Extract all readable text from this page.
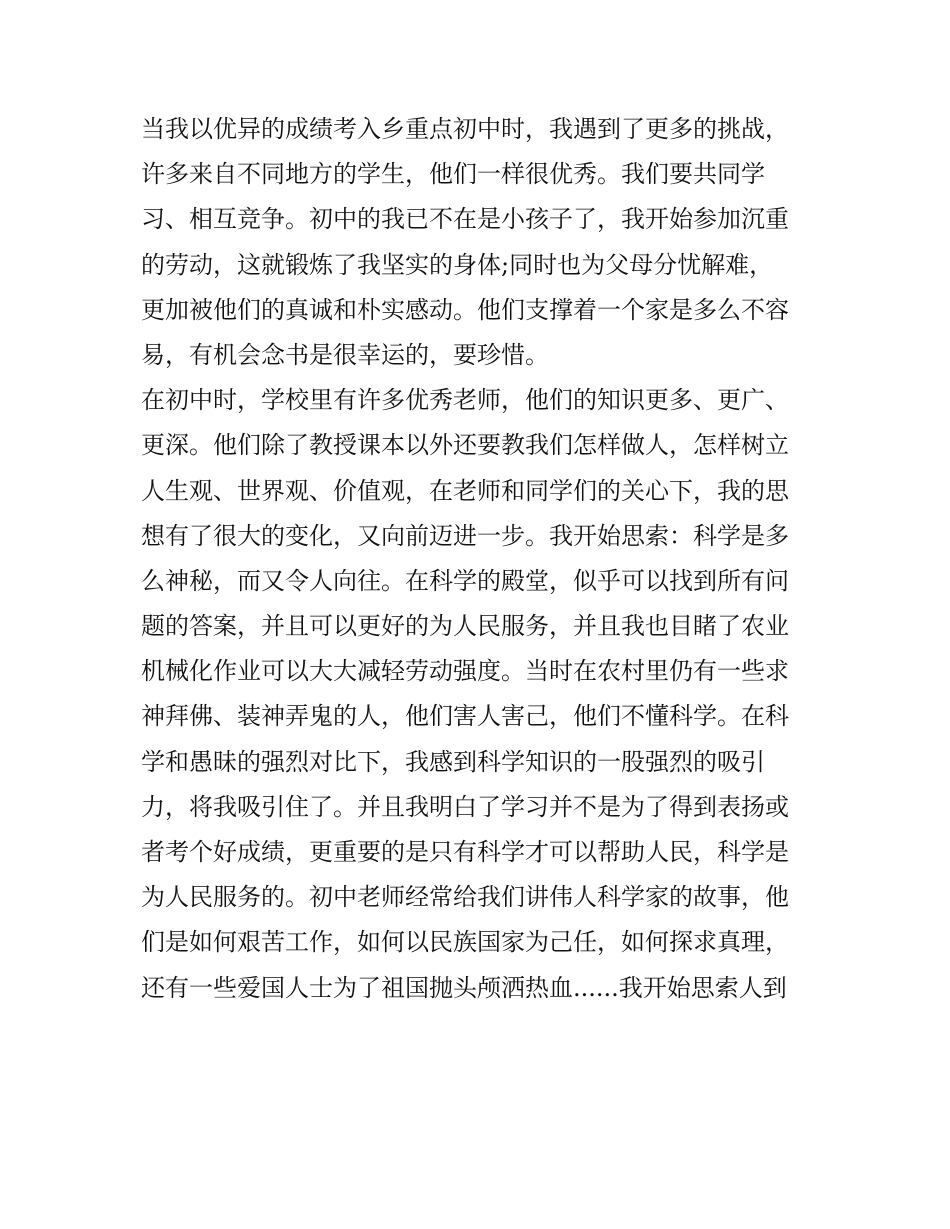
当我以优异的成绩考入乡重点初中时，我遇到了更多的挑战，
许多来自不同地方的学生，他们一样很优秀。我们要共同学
习、相互竞争。初中的我已不在是小孩子了，我开始参加沉重
的劳动，这就锻炼了我坚实的身体;同时也为父母分忧解难，
更加被他们的真诚和朴实感动。他们支撑着一个家是多么不容
易，有机会念书是很幸运的，要珍惜。
在初中时，学校里有许多优秀老师，他们的知识更多、更广、
更深。他们除了教授课本以外还要教我们怎样做人，怎样树立
人生观、世界观、价值观，在老师和同学们的关心下，我的思
想有了很大的变化，又向前迈进一步。我开始思索：科学是多
么神秘，而又令人向往。在科学的殿堂，似乎可以找到所有问
题的答案，并且可以更好的为人民服务，并且我也目睹了农业
机械化作业可以大大减轻劳动强度。当时在农村里仍有一些求
神拜佛、装神弄鬼的人，他们害人害己，他们不懂科学。在科
学和愚昧的强烈对比下，我感到科学知识的一股强烈的吸引
力，将我吸引住了。并且我明白了学习并不是为了得到表扬或
者考个好成绩，更重要的是只有科学才可以帮助人民，科学是
为人民服务的。初中老师经常给我们讲伟人科学家的故事，他
们是如何艰苦工作，如何以民族国家为己任，如何探求真理，
还有一些爱国人士为了祖国抛头颅洒热血......我开始思索人到
